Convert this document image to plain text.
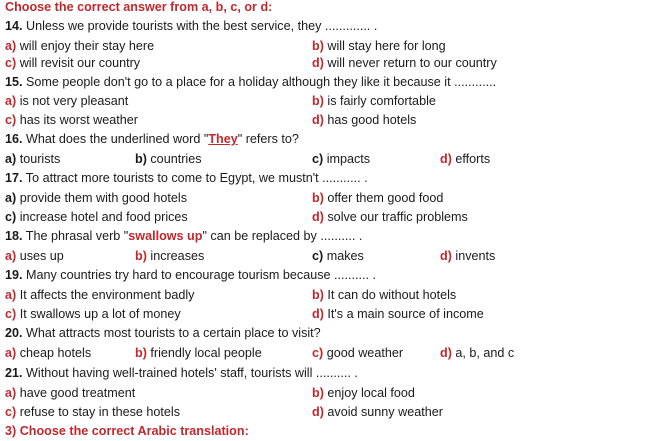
Choose the correct answer from a, b, c, or d:
14. Unless we provide tourists with the best service, they ............. .
a) will enjoy their stay here	b) will stay here for long
c) will revisit our country	d) will never return to our country
15. Some people don't go to a place for a holiday although they like it because it ............
a) is not very pleasant	b) is fairly comfortable
c) has its worst weather	d) has good hotels
16. What does the underlined word "They" refers to?
a) tourists	b) countries	c) impacts	d) efforts
17. To attract more tourists to come to Egypt, we mustn't ........... .
a) provide them with good hotels	b) offer them good food
c) increase hotel and food prices	d) solve our traffic problems
18. The phrasal verb "swallows up" can be replaced by .......... .
a) uses up	b) increases	c) makes	d) invents
19. Many countries try hard to encourage tourism because .......... .
a) It affects the environment badly	b) It can do without hotels
c) It swallows up a lot of money	d) It's a main source of income
20. What attracts most tourists to a certain place to visit?
a) cheap hotels	b) friendly local people	c) good weather	d) a, b, and c
21. Without having well-trained hotels' staff, tourists will .......... .
a) have good treatment	b) enjoy local food
c) refuse to stay in these hotels	d) avoid sunny weather
3) Choose the correct Arabic translation:
